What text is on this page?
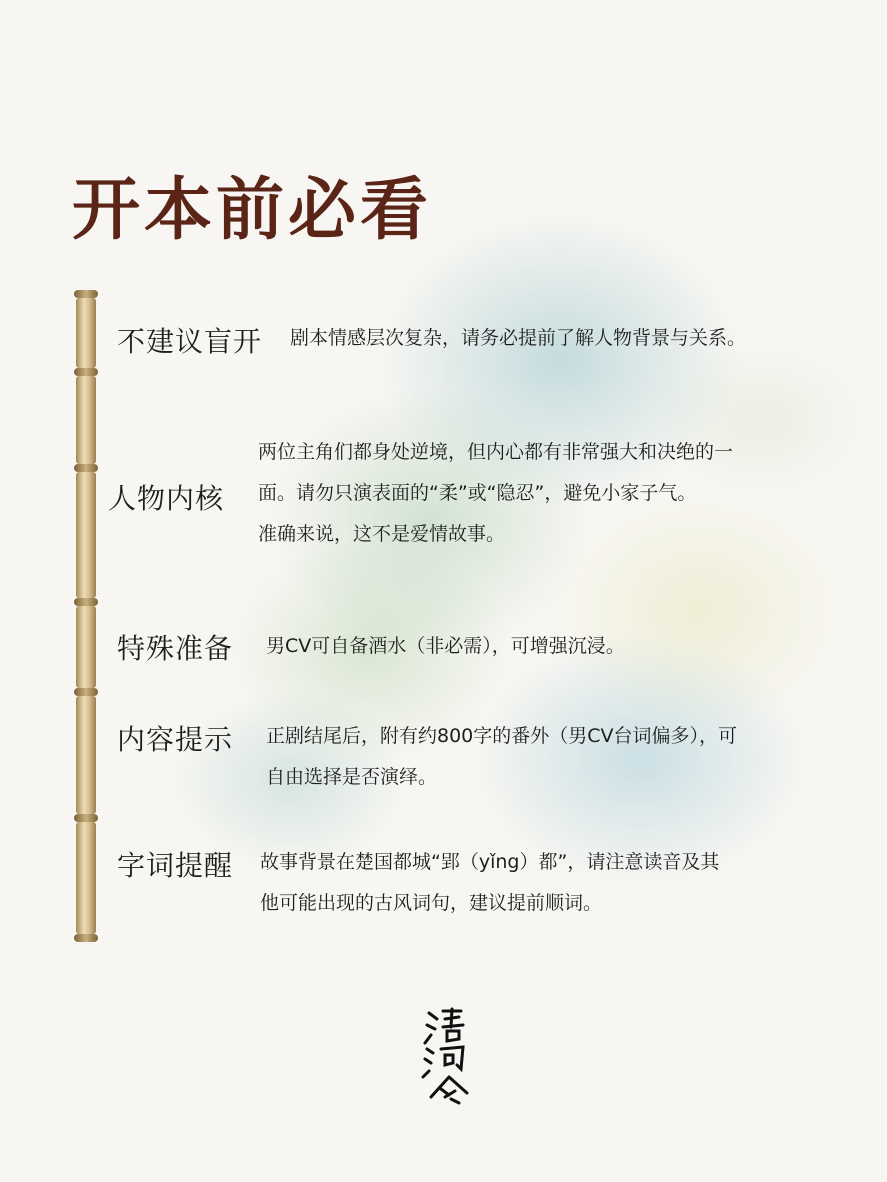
开本前必看
不建议盲开 剧本情感层次复杂，请务必提前了解人物背景与关系。
人物内核
两位主角们都身处逆境，但内心都有非常强大和决绝的一
面。请勿只演表面的“柔”或“隐忍”，避免小家子气。
准确来说，这不是爱情故事。
特殊准备 男CV可自备酒水（非必需），可增强沉浸。
内容提示 正剧结尾后，附有约800字的番外（男CV台词偏多），可
自由选择是否演绎。
字词提醒 故事背景在楚国都城“郢（yǐng）都”，请注意读音及其
他可能出现的古风词句，建议提前顺词。
